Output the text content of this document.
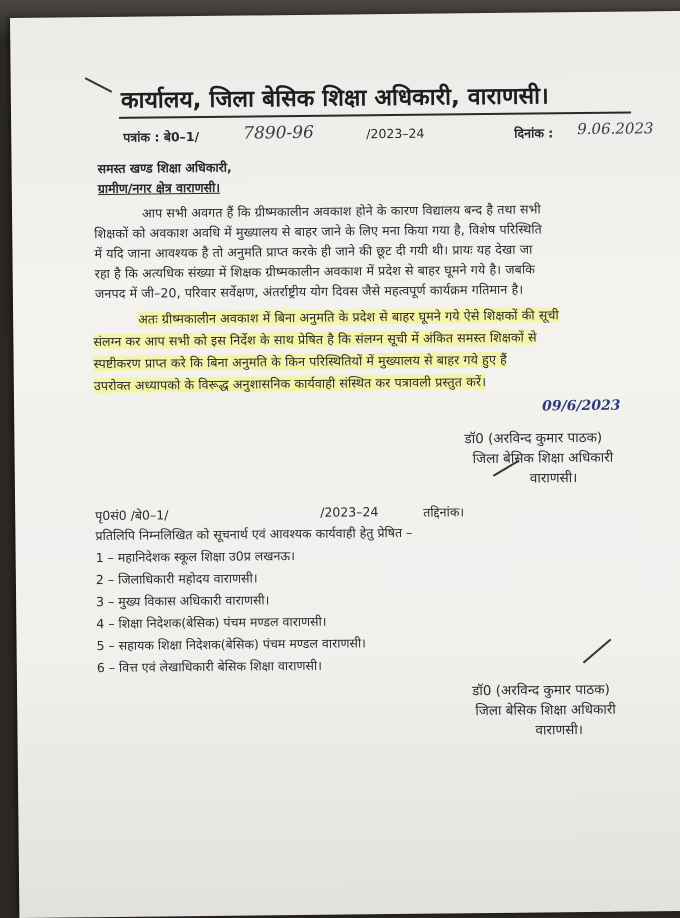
कार्यालय, जिला बेसिक शिक्षा अधिकारी, वाराणसी।
पत्रांक : बे0–1/	7890-96	/2023–24	दिनांक : 9.06.2023
समस्त खण्ड शिक्षा अधिकारी,
ग्रामीण/नगर क्षेत्र वाराणसी।
आप सभी अवगत हैं कि ग्रीष्मकालीन अवकाश होने के कारण विद्यालय बन्द है तथा सभी
शिक्षकों को अवकाश अवधि में मुख्यालय से बाहर जाने के लिए मना किया गया है, विशेष परिस्थिति
में यदि जाना आवश्यक है तो अनुमति प्राप्त करके ही जाने की छूट दी गयी थी। प्रायः यह देखा जा
रहा है कि अत्यधिक संख्या में शिक्षक ग्रीष्मकालीन अवकाश में प्रदेश से बाहर घूमने गये है। जबकि
जनपद में जी–20, परिवार सर्वेक्षण, अंतर्राष्ट्रीय योग दिवस जैसे महत्वपूर्ण कार्यक्रम गतिमान है।
अतः ग्रीष्मकालीन अवकाश में बिना अनुमति के प्रदेश से बाहर घूमने गये ऐसे शिक्षकों की सूची
संलग्न कर आप सभी को इस निर्देश के साथ प्रेषित है कि संलग्न सूची में अंकित समस्त शिक्षकों से
स्पष्टीकरण प्राप्त करे कि बिना अनुमति के किन परिस्थितियों में मुख्यालय से बाहर गये हुए हैं
उपरोक्त अध्यापको के विरूद्ध अनुशासनिक कार्यवाही संस्थित कर पत्रावली प्रस्तुत करें।
09/6/2023
डॉ0 (अरविन्द कुमार पाठक)
जिला बेसिक शिक्षा अधिकारी
वाराणसी।
पृ0सं0 /बे0–1/	/2023–24	तद्दिनांक।
प्रतिलिपि निम्नलिखित को सूचनार्थ एवं आवश्यक कार्यवाही हेतु प्रेषित –
1 – महानिदेशक स्कूल शिक्षा उ0प्र लखनऊ।
2 – जिलाधिकारी महोदय वाराणसी।
3 – मुख्य विकास अधिकारी वाराणसी।
4 – शिक्षा निदेशक(बेसिक) पंचम मण्डल वाराणसी।
5 – सहायक शिक्षा निदेशक(बेसिक) पंचम मण्डल वाराणसी।
6 – वित्त एवं लेखाधिकारी बेसिक शिक्षा वाराणसी।
डॉ0 (अरविन्द कुमार पाठक)
जिला बेसिक शिक्षा अधिकारी
वाराणसी।
